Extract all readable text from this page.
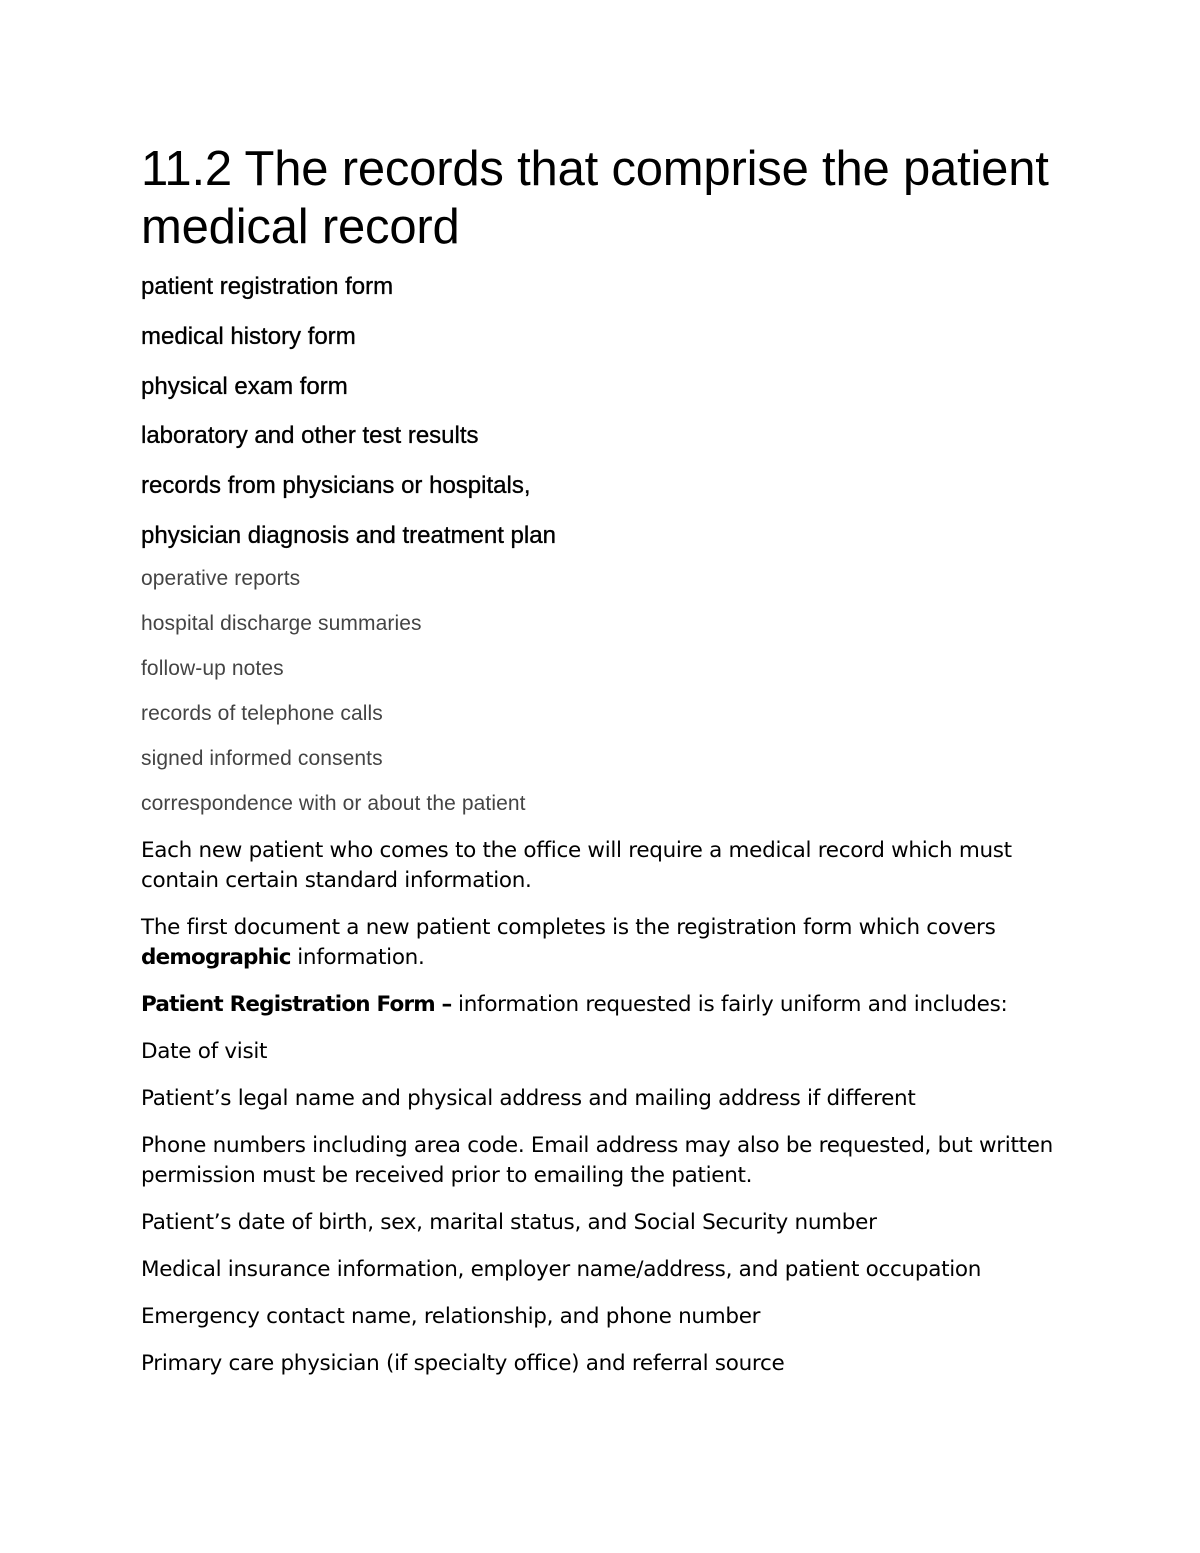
11.2 The records that comprise the patient medical record
patient registration form
medical history form
physical exam form
laboratory and other test results
records from physicians or hospitals,
physician diagnosis and treatment plan
operative reports
hospital discharge summaries
follow-up notes
records of telephone calls
signed informed consents
correspondence with or about the patient

Each new patient who comes to the office will require a medical record which must contain certain standard information.

The first document a new patient completes is the registration form which covers demographic information.

Patient Registration Form – information requested is fairly uniform and includes:

Date of visit

Patient’s legal name and physical address and mailing address if different

Phone numbers including area code. Email address may also be requested, but written permission must be received prior to emailing the patient.

Patient’s date of birth, sex, marital status, and Social Security number

Medical insurance information, employer name/address, and patient occupation

Emergency contact name, relationship, and phone number

Primary care physician (if specialty office) and referral source
